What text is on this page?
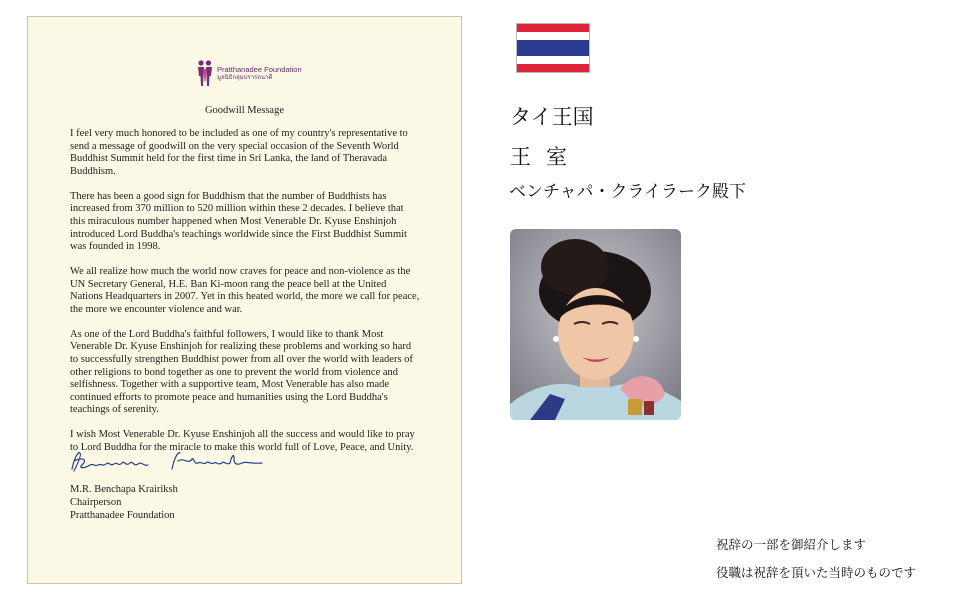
Pratthanadee Foundation
มูลนิธิกลุ่มปรารถนาดี
Goodwill Message

I feel very much honored to be included as one of my country's representative to send a message of goodwill on the very special occasion of the Seventh World Buddhist Summit held for the first time in Sri Lanka, the land of Theravada Buddhism.

There has been a good sign for Buddhism that the number of Buddhists has increased from 370 million to 520 million within these 2 decades. I believe that this miraculous number happened when Most Venerable Dr. Kyuse Enshinjoh introduced Lord Buddha's teachings worldwide since the First Buddhist Summit was founded in 1998.

We all realize how much the world now craves for peace and non-violence as the UN Secretary General, H.E. Ban Ki-moon rang the peace bell at the United Nations Headquarters in 2007. Yet in this heated world, the more we call for peace, the more we encounter violence and war.

As one of the Lord Buddha's faithful followers, I would like to thank Most Venerable Dr. Kyuse Enshinjoh for realizing these problems and working so hard to successfully strengthen Buddhist power from all over the world with leaders of other religions to bond together as one to prevent the world from violence and selfishness. Together with a supportive team, Most Venerable has also made continued efforts to promote peace and humanities using the Lord Buddha's teachings of serenity.

I wish Most Venerable Dr. Kyuse Enshinjoh all the success and would like to pray to Lord Buddha for the miracle to make this world full of Love, Peace, and Unity.

M.R. Benchapa Krairiksh
Chairperson
Pratthanadee Foundation
タイ王国
王室
ベンチャパ・クライラーク殿下
祝辞の一部を御紹介します
役職は祝辞を頂いた当時のものです
